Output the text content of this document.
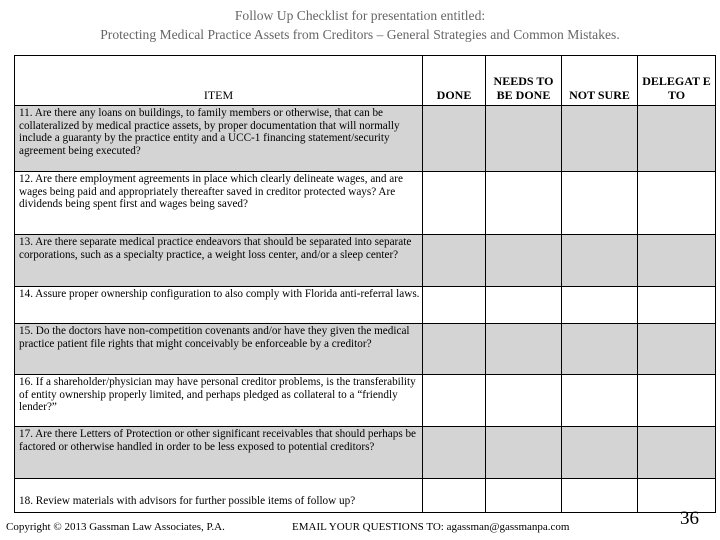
Follow Up Checklist for presentation entitled:
Protecting Medical Practice Assets from Creditors – General Strategies and Common Mistakes.
ITEM	DONE	NEEDS TO BE DONE	NOT SURE	DELEGAT E TO
11. Are there any loans on buildings, to family members or otherwise, that can be collateralized by medical practice assets, by proper documentation that will normally include a guaranty by the practice entity and a UCC-1 financing statement/security agreement being executed?				
12. Are there employment agreements in place which clearly delineate wages, and are wages being paid and appropriately thereafter saved in creditor protected ways? Are dividends being spent first and wages being saved?				
13. Are there separate medical practice endeavors that should be separated into separate corporations, such as a specialty practice, a weight loss center, and/or a sleep center?				
14. Assure proper ownership configuration to also comply with Florida anti-referral laws.				
15. Do the doctors have non-competition covenants and/or have they given the medical practice patient file rights that might conceivably be enforceable by a creditor?				
16. If a shareholder/physician may have personal creditor problems, is the transferability of entity ownership properly limited, and perhaps pledged as collateral to a “friendly lender?”				
17. Are there Letters of Protection or other significant receivables that should perhaps be factored or otherwise handled in order to be less exposed to potential creditors?				
18. Review materials with advisors for further possible items of follow up?				
Copyright © 2013 Gassman Law Associates, P.A.	EMAIL YOUR QUESTIONS TO: agassman@gassmanpa.com	36
